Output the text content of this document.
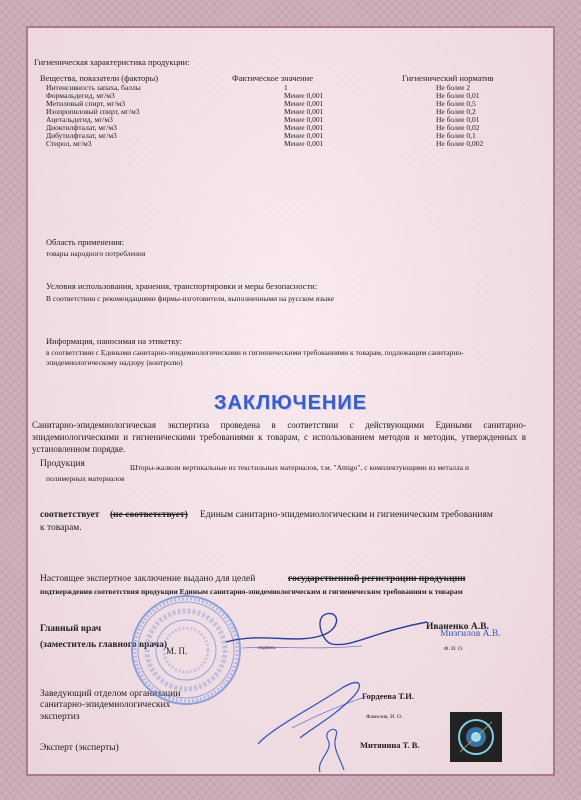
Гигиеническая характеристика продукции:
Вещества, показатели (факторы)	Фактическое значение	Гигиенический норматив
Интенсивность запаха, баллы	1	Не более 2
Формальдегид, мг/м3	Менее 0,001	Не более 0,01
Метиловый спирт, мг/м3	Менее 0,001	Не более 0,5
Изопропиловый спирт, мг/м3	Менее 0,001	Не более 0,2
Ацетальдегид, мг/м3	Менее 0,001	Не более 0,01
Диоктилфталат, мг/м3	Менее 0,001	Не более 0,02
Дибутилфталат, мг/м3	Менее 0,001	Не более 0,1
Стирол, мг/м3	Менее 0,001	Не более 0,002
Область применения:
товары народного потребления
Условия использования, хранения, транспортировки и меры безопасности:
В соответствии с рекомендациями фирмы-изготовителя, выполненными на русском языке
Информация, наносимая на этикетку:
в соответствии с Едиными санитарно-эпидемиологическими и гигиеническими требованиями к товарам, подлежащим санитарно-
эпидемиологическому надзору (контролю)
ЗАКЛЮЧЕНИЕ
Санитарно-эпидемиологическая экспертиза проведена в соответствии с действующими Едиными санитарно-эпидемиологическими и гигиеническими требованиями к товарам, с использованием методов и методик, утвержденных в установленном порядке.
Продукция	Шторы-жалюзи вертикальные из текстильных материалов, т.м. "Amigo", с комплектующими из металла и
полимерных материалов
соответствует (не соответствует) Единым санитарно-эпидемиологическим и гигиеническим требованиям
к товарам.
Настоящее экспертное заключение выдано для целей	государственной регистрации продукции
подтверждения соответствия продукции Единым санитарно-эпидемиологическим и гигиеническим требованиям к товарам
Главный врач
(заместитель главного врача)
Иваненко А.В.
Мизгилов А.В.
подпись	Ф. И. О.
Заведующий отделом организации
санитарно-эпидемиологических
экспертиз
Гордеева Т.И.
Фамилия, И. О.
Эксперт (эксперты)	Митянина Т. В.
М. П.
